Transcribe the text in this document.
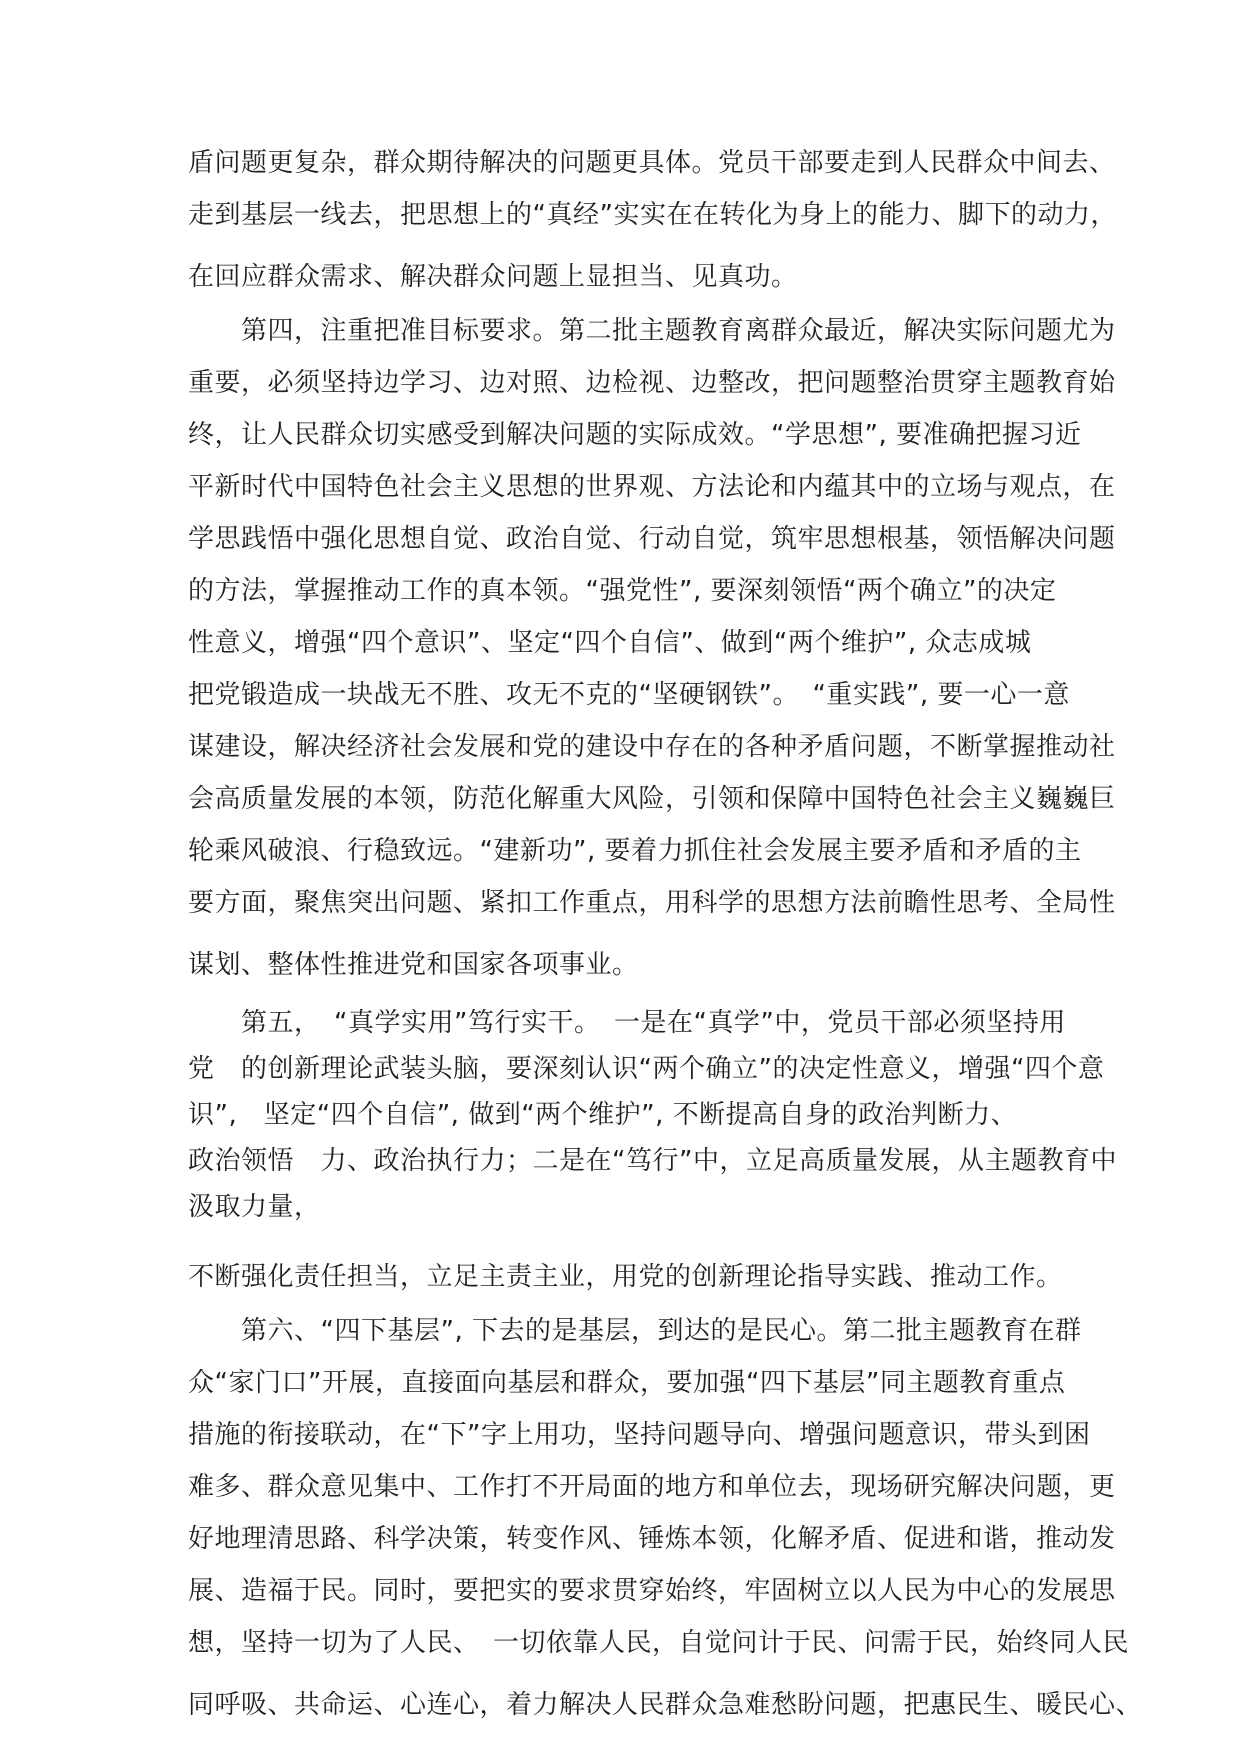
盾问题更复杂，群众期待解决的问题更具体。党员干部要走到人民群众中间去、
走到基层一线去，把思想上的“真经”实实在在转化为身上的能力、脚下的动力，
在回应群众需求、解决群众问题上显担当、见真功。
　　第四，注重把准目标要求。第二批主题教育离群众最近，解决实际问题尤为
重要，必须坚持边学习、边对照、边检视、边整改，把问题整治贯穿主题教育始
终，让人民群众切实感受到解决问题的实际成效。“学思想”, 要准确把握习近
平新时代中国特色社会主义思想的世界观、方法论和内蕴其中的立场与观点，在
学思践悟中强化思想自觉、政治自觉、行动自觉，筑牢思想根基，领悟解决问题
的方法，掌握推动工作的真本领。“强党性”, 要深刻领悟“两个确立”的决定
性意义，增强“四个意识”、坚定“四个自信”、做到“两个维护”, 众志成城
把党锻造成一块战无不胜、攻无不克的“坚硬钢铁”。　“重实践”, 要一心一意
谋建设，解决经济社会发展和党的建设中存在的各种矛盾问题，不断掌握推动社
会高质量发展的本领，防范化解重大风险，引领和保障中国特色社会主义巍巍巨
轮乘风破浪、行稳致远。“建新功”, 要着力抓住社会发展主要矛盾和矛盾的主
要方面，聚焦突出问题、紧扣工作重点，用科学的思想方法前瞻性思考、全局性
谋划、整体性推进党和国家各项事业。
　　第五，　“真学实用”笃行实干。　一是在“真学”中，党员干部必须坚持用
党　的创新理论武装头脑，要深刻认识“两个确立”的决定性意义，增强“四个意
识”,　坚定“四个自信”, 做到“两个维护”, 不断提高自身的政治判断力、
政治领悟　力、政治执行力；二是在“笃行”中，立足高质量发展，从主题教育中
汲取力量，
不断强化责任担当，立足主责主业，用党的创新理论指导实践、推动工作。
　　第六、“四下基层”, 下去的是基层，到达的是民心。第二批主题教育在群
众“家门口”开展，直接面向基层和群众，要加强“四下基层”同主题教育重点
措施的衔接联动，在“下”字上用功，坚持问题导向、增强问题意识，带头到困
难多、群众意见集中、工作打不开局面的地方和单位去，现场研究解决问题，更
好地理清思路、科学决策，转变作风、锤炼本领，化解矛盾、促进和谐，推动发
展、造福于民。同时，要把实的要求贯穿始终，牢固树立以人民为中心的发展思
想，坚持一切为了人民、　一切依靠人民，自觉问计于民、问需于民，始终同人民
同呼吸、共命运、心连心，着力解决人民群众急难愁盼问题，把惠民生、暖民心、
